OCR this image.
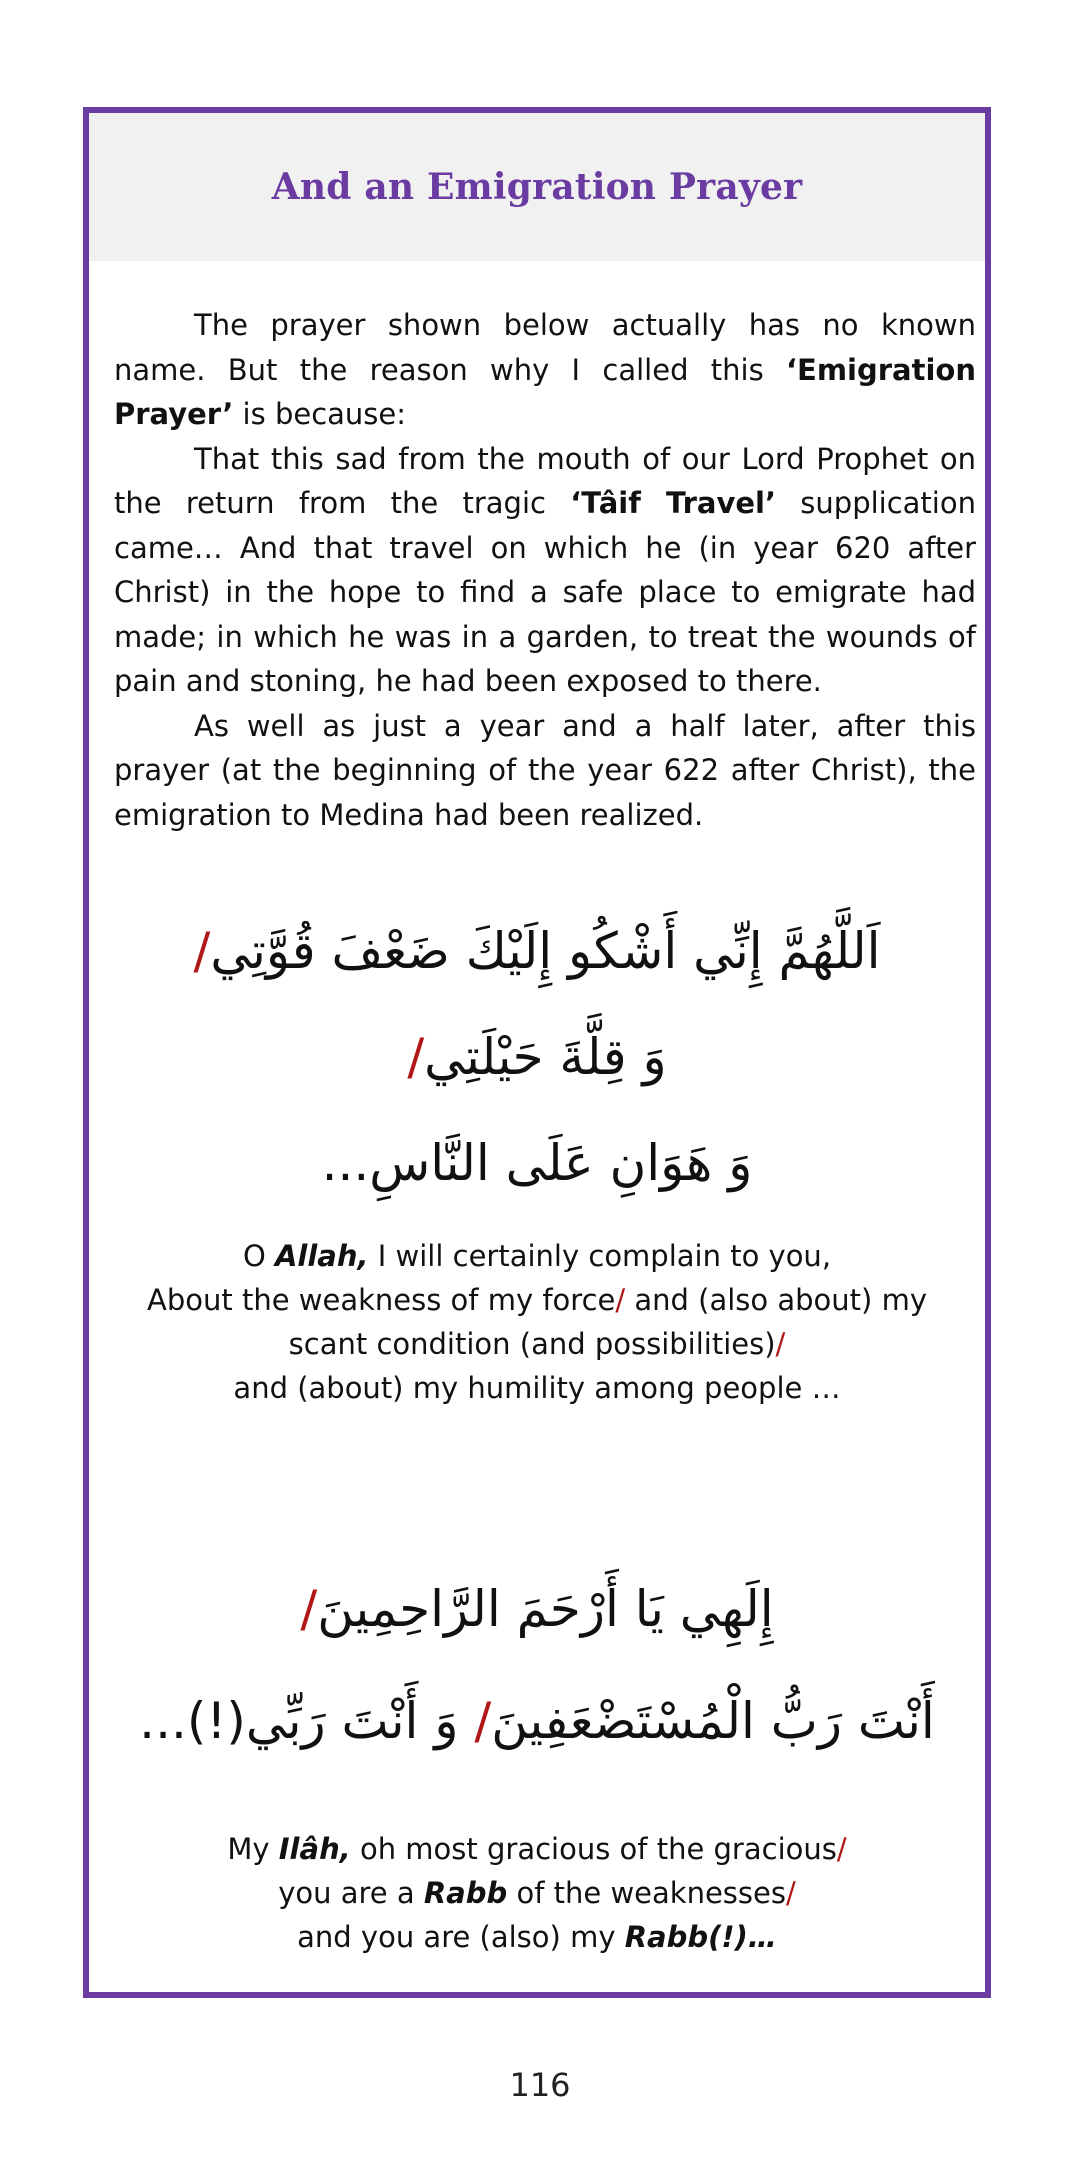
And an Emigration Prayer

The prayer shown below actually has no known name. But the reason why I called this ‘Emigration Prayer’ is because:

That this sad from the mouth of our Lord Prophet on the return from the tragic ‘Tâif Travel’ supplication came… And that travel on which he (in year 620 after Christ) in the hope to find a safe place to emigrate had made; in which he was in a garden, to treat the wounds of pain and stoning, he had been exposed to there.

As well as just a year and a half later, after this prayer (at the beginning of the year 622 after Christ), the emigration to Medina had been realized.

اَللَّهُمَّ إِنِّي أَشْكُو إِلَيْكَ ضَعْفَ قُوَّتِي/
وَ قِلَّةَ حَيْلَتِي/
وَ هَوَانِ عَلَى النَّاسِ...
O Allah, I will certainly complain to you,
About the weakness of my force/ and (also about) my
scant condition (and possibilities)/
and (about) my humility among people …
إِلَهِي يَا أَرْحَمَ الرَّاحِمِينَ/
أَنْتَ رَبُّ الْمُسْتَضْعَفِينَ/ وَ أَنْتَ رَبِّي(!)...
My Ilâh, oh most gracious of the gracious/
you are a Rabb of the weaknesses/
and you are (also) my Rabb(!)…
116
